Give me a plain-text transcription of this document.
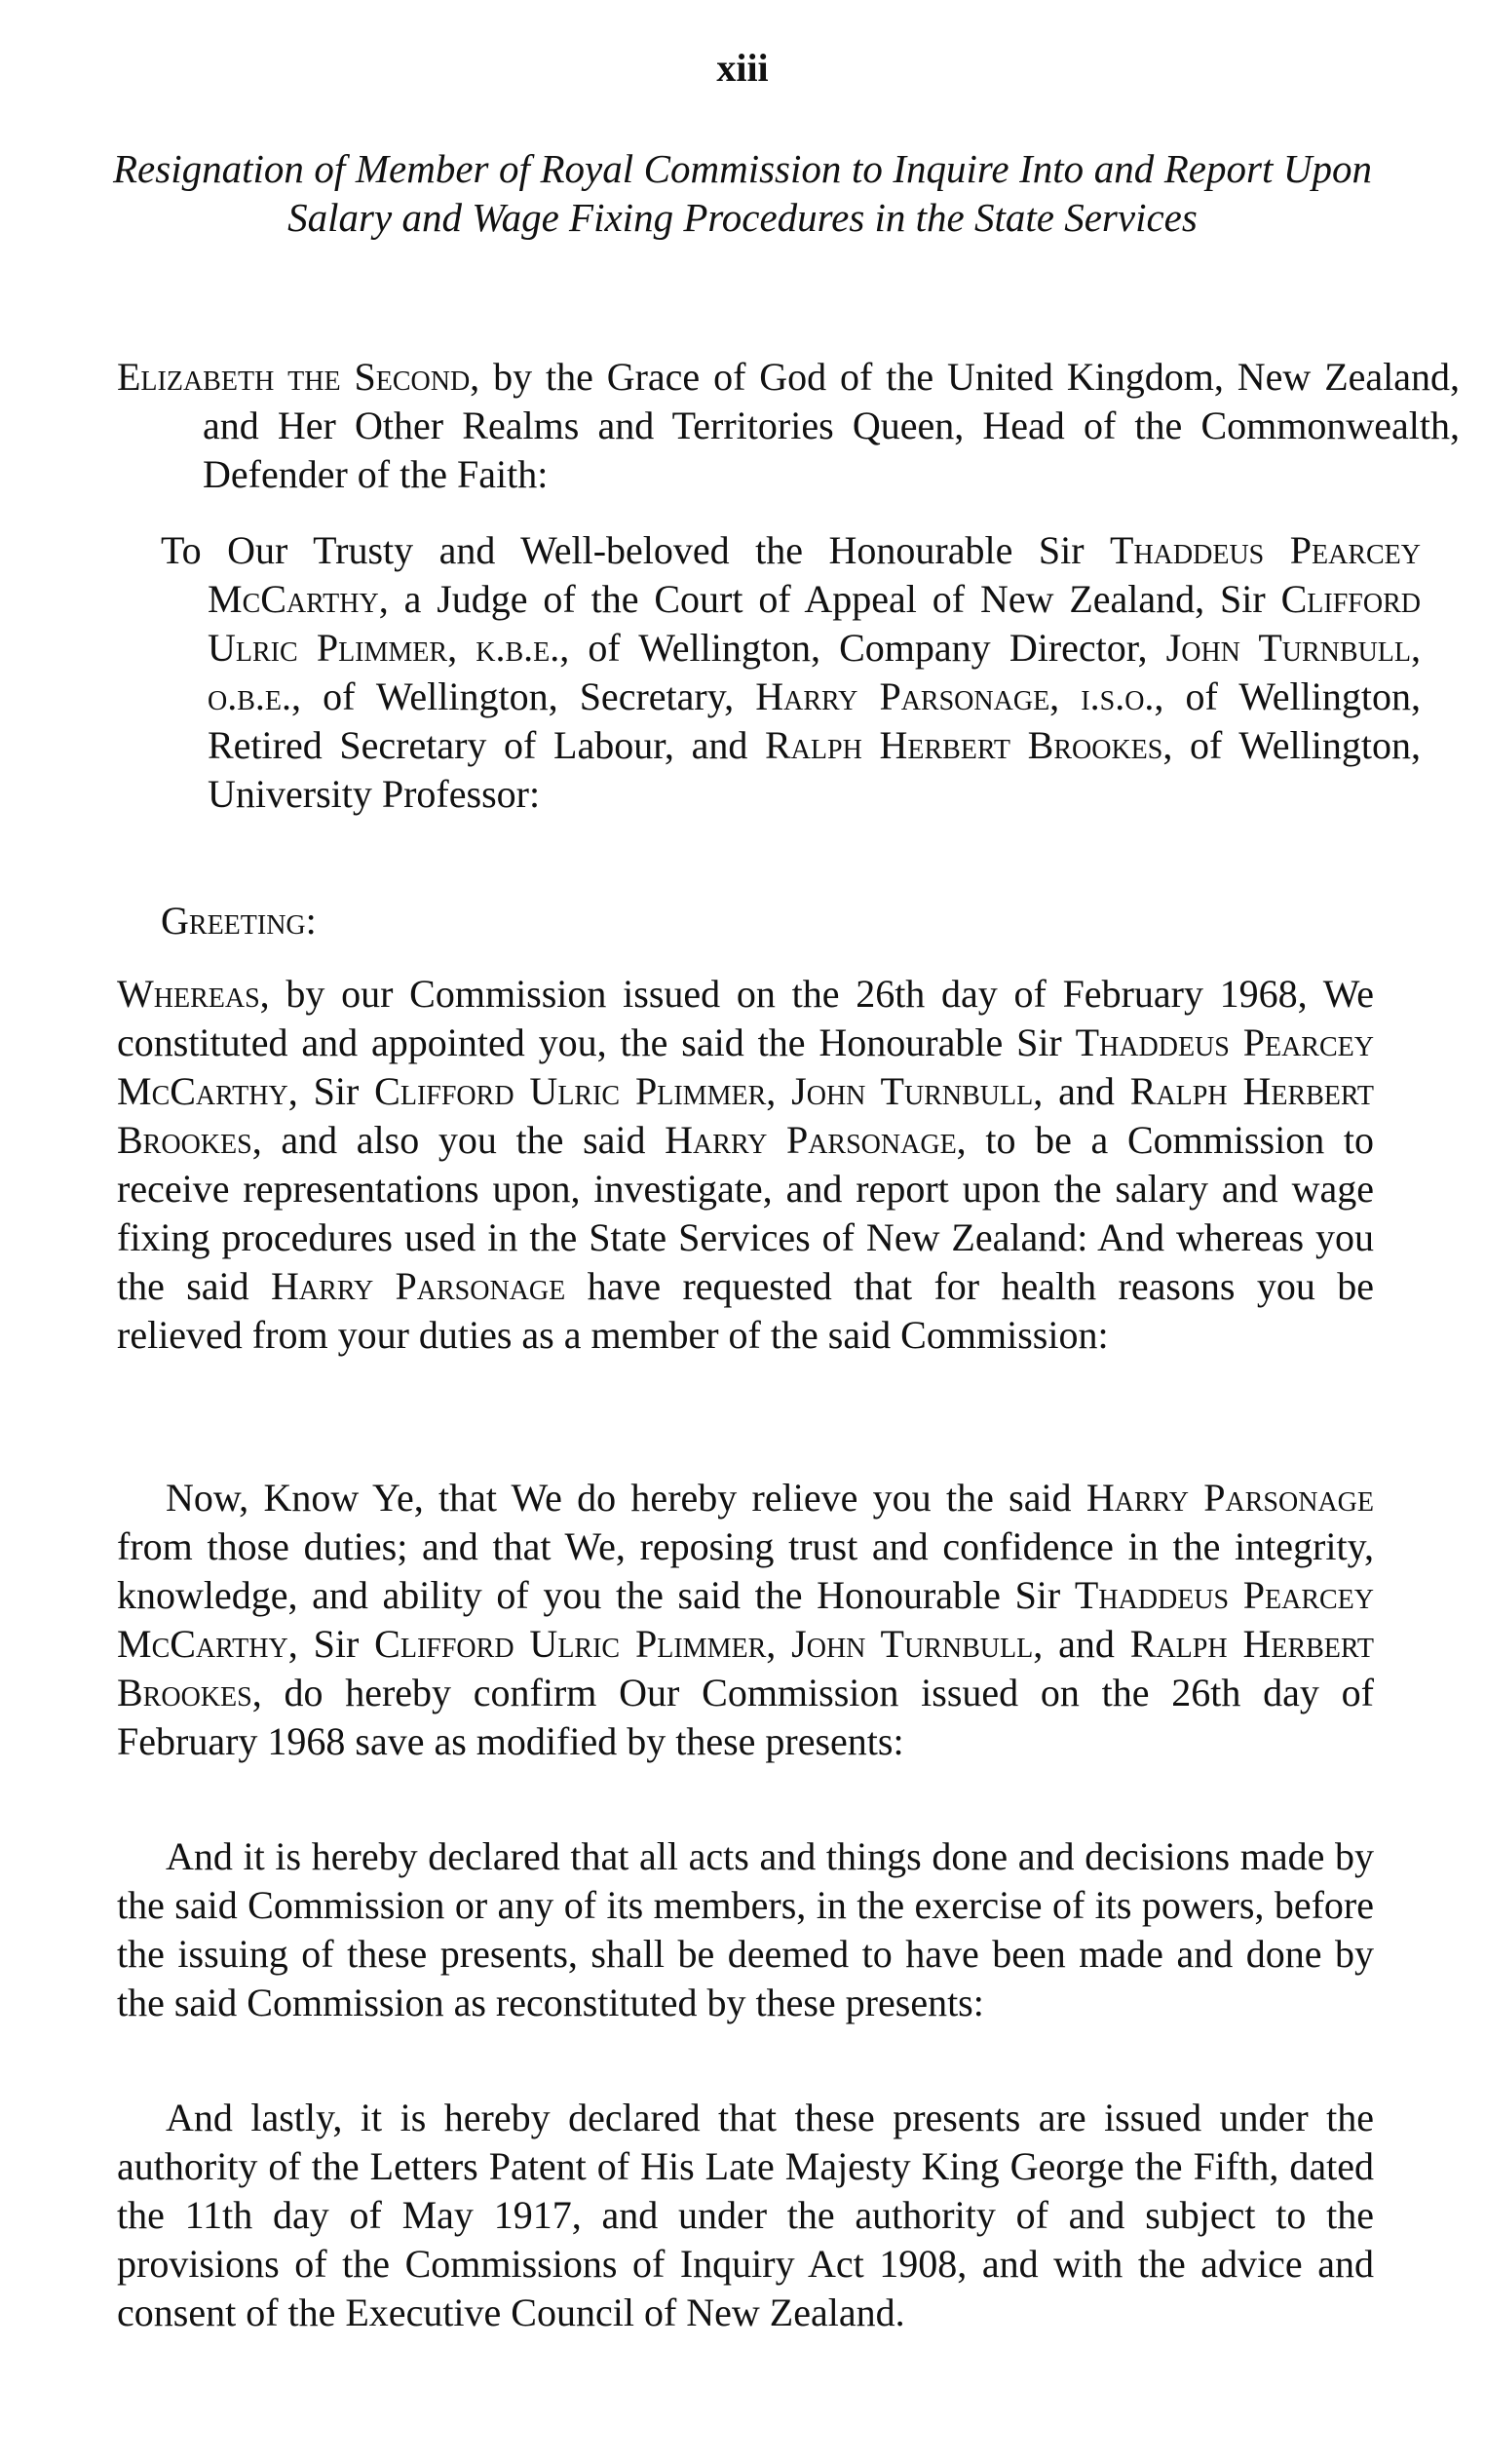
xiii
Resignation of Member of Royal Commission to Inquire Into and Report Upon Salary and Wage Fixing Procedures in the State Services

Elizabeth the Second, by the Grace of God of the United Kingdom, New Zealand, and Her Other Realms and Territories Queen, Head of the Commonwealth, Defender of the Faith:

To Our Trusty and Well-beloved the Honourable Sir Thaddeus Pearcey McCarthy, a Judge of the Court of Appeal of New Zealand, Sir Clifford Ulric Plimmer, k.b.e., of Wellington, Company Director, John Turnbull, o.b.e., of Wellington, Secretary, Harry Parsonage, i.s.o., of Wellington, Retired Secretary of Labour, and Ralph Herbert Brookes, of Wellington, University Professor:

Greeting:

Whereas, by our Commission issued on the 26th day of February 1968, We constituted and appointed you, the said the Honourable Sir Thaddeus Pearcey McCarthy, Sir Clifford Ulric Plimmer, John Turnbull, and Ralph Herbert Brookes, and also you the said Harry Parsonage, to be a Commission to receive representations upon, investigate, and report upon the salary and wage fixing procedures used in the State Services of New Zealand: And whereas you the said Harry Parsonage have requested that for health reasons you be relieved from your duties as a member of the said Commission:

Now, Know Ye, that We do hereby relieve you the said Harry Parsonage from those duties; and that We, reposing trust and confidence in the integrity, knowledge, and ability of you the said the Honourable Sir Thaddeus Pearcey McCarthy, Sir Clifford Ulric Plimmer, John Turnbull, and Ralph Herbert Brookes, do hereby confirm Our Commission issued on the 26th day of February 1968 save as modified by these presents:

And it is hereby declared that all acts and things done and decisions made by the said Commission or any of its members, in the exercise of its powers, before the issuing of these presents, shall be deemed to have been made and done by the said Commission as reconstituted by these presents:

And lastly, it is hereby declared that these presents are issued under the authority of the Letters Patent of His Late Majesty King George the Fifth, dated the 11th day of May 1917, and under the authority of and subject to the provisions of the Commissions of Inquiry Act 1908, and with the advice and consent of the Executive Council of New Zealand.
